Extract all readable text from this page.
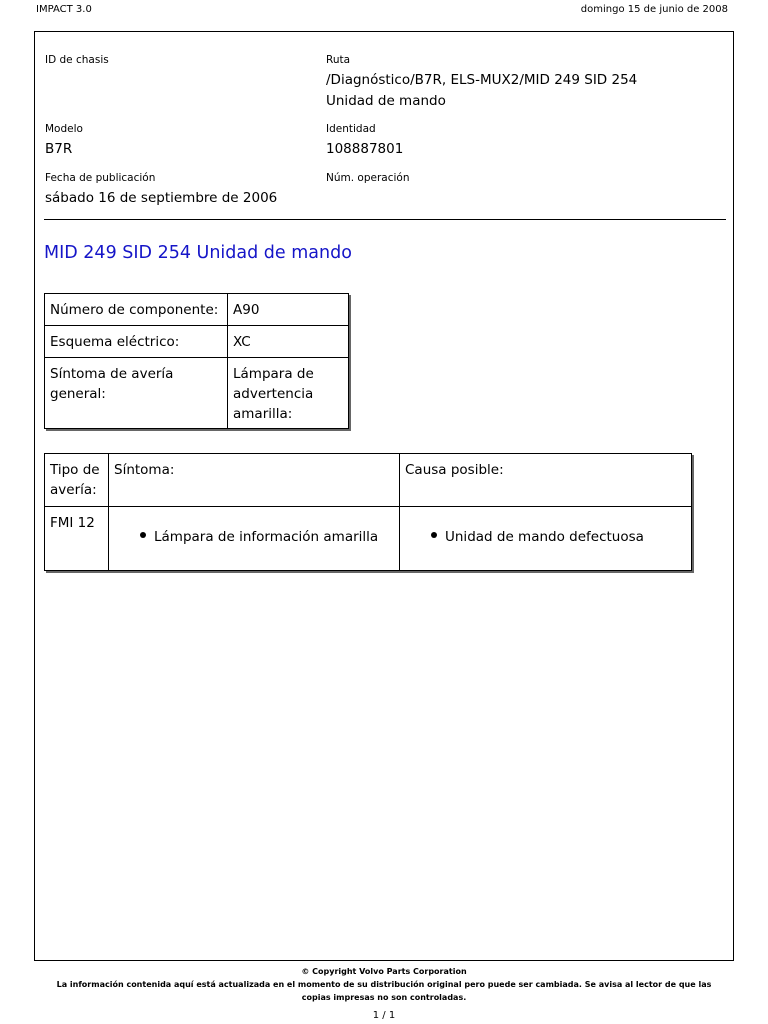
IMPACT 3.0	domingo 15 de junio de 2008
ID de chasis	Ruta
/Diagnóstico/B7R, ELS-MUX2/MID 249 SID 254 Unidad de mando
Modelo
B7R
Identidad
108887801
Fecha de publicación
sábado 16 de septiembre de 2006
Núm. operación
MID 249 SID 254 Unidad de mando
Número de componente:	A90
Esquema eléctrico:	XC
Síntoma de avería general:	Lámpara de advertencia amarilla:
Tipo de avería:	Síntoma:	Causa posible:
FMI 12	Lámpara de información amarilla	Unidad de mando defectuosa
© Copyright Volvo Parts Corporation
La información contenida aquí está actualizada en el momento de su distribución original pero puede ser cambiada. Se avisa al lector de que las copias impresas no son controladas.
1 / 1
